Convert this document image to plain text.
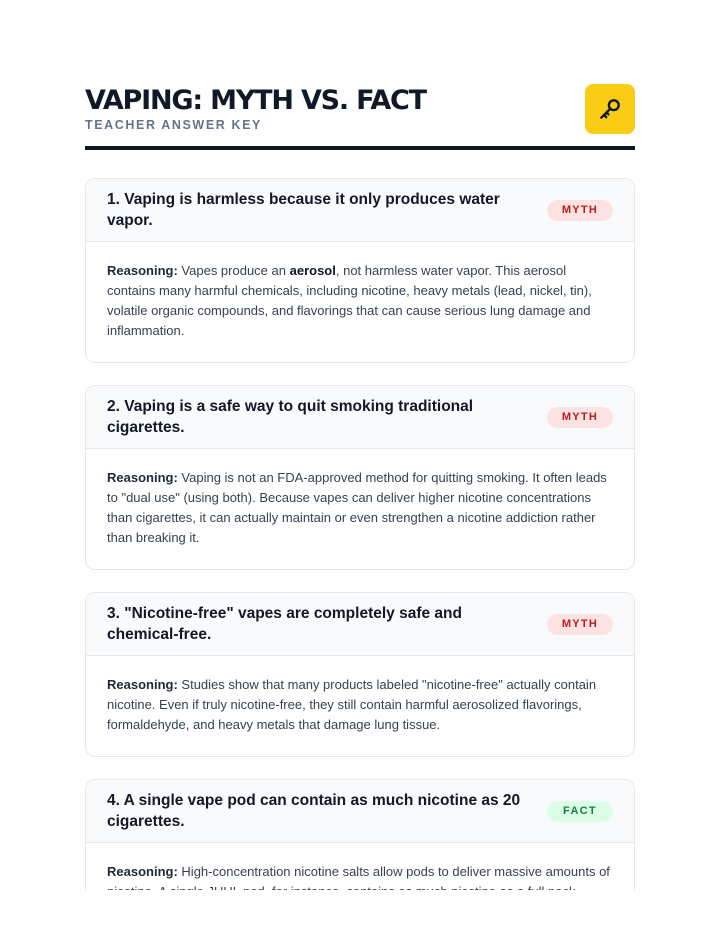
VAPING: MYTH VS. FACT
TEACHER ANSWER KEY
1. Vaping is harmless because it only produces water vapor.
MYTH
Reasoning: Vapes produce an aerosol, not harmless water vapor. This aerosol contains many harmful chemicals, including nicotine, heavy metals (lead, nickel, tin), volatile organic compounds, and flavorings that can cause serious lung damage and inflammation.
2. Vaping is a safe way to quit smoking traditional cigarettes.
MYTH
Reasoning: Vaping is not an FDA-approved method for quitting smoking. It often leads to "dual use" (using both). Because vapes can deliver higher nicotine concentrations than cigarettes, it can actually maintain or even strengthen a nicotine addiction rather than breaking it.
3. "Nicotine-free" vapes are completely safe and chemical-free.
MYTH
Reasoning: Studies show that many products labeled "nicotine-free" actually contain nicotine. Even if truly nicotine-free, they still contain harmful aerosolized flavorings, formaldehyde, and heavy metals that damage lung tissue.
4. A single vape pod can contain as much nicotine as 20 cigarettes.
FACT
Reasoning: High-concentration nicotine salts allow pods to deliver massive amounts of
